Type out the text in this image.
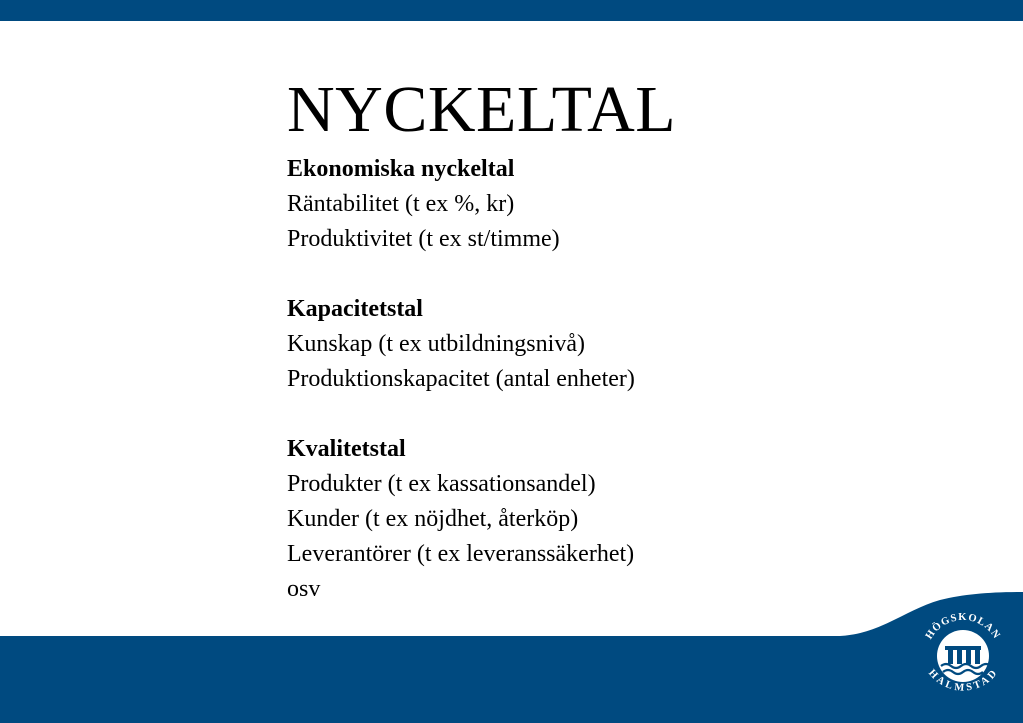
NYCKELTAL

Ekonomiska nyckeltal

Räntabilitet (t ex %, kr)

Produktivitet (t ex st/timme)

Kapacitetstal

Kunskap (t ex utbildningsnivå)

Produktionskapacitet (antal enheter)

Kvalitetstal

Produkter (t ex kassationsandel)

Kunder (t ex nöjdhet, återköp)

Leverantörer (t ex leveranssäkerhet)

osv

HÖGSKOLAN
HALMSTAD
